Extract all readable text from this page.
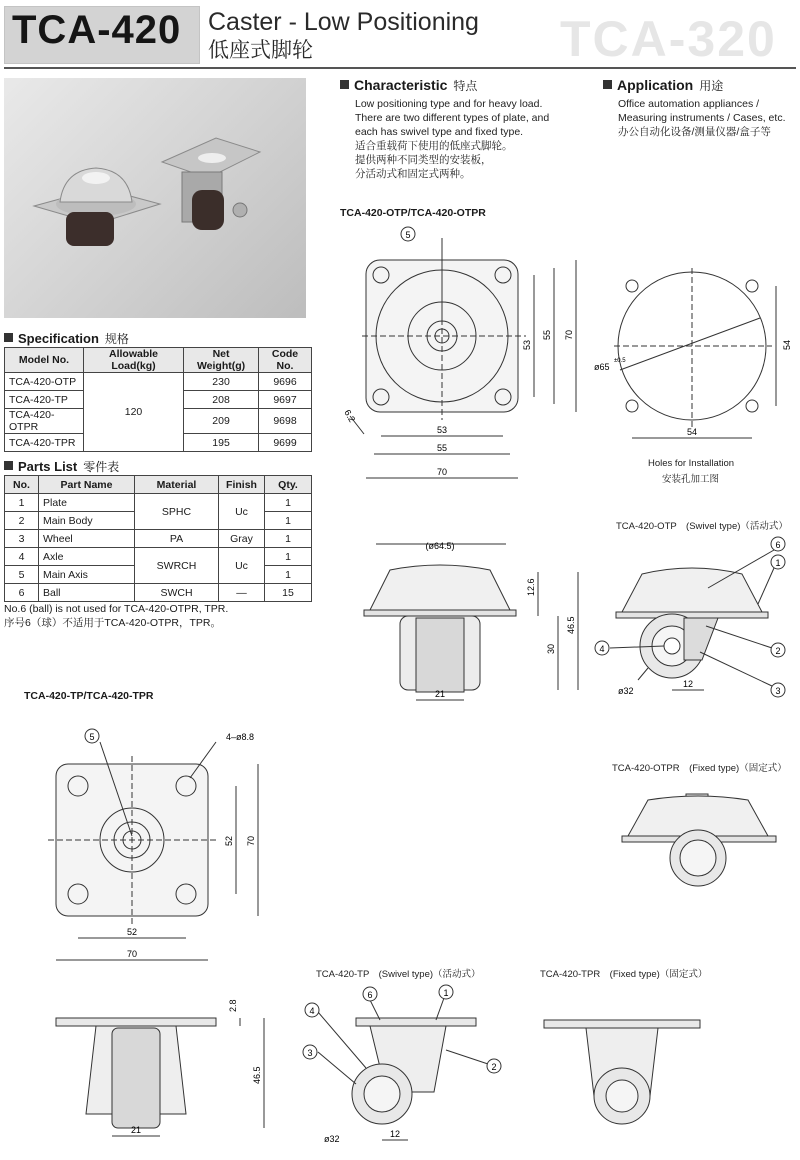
TCA-420 Caster - Low Positioning
低座式脚轮	TCA-320
Characteristic 特点
Low positioning type and for heavy load.
There are two different types of plate, and
each has swivel type and fixed type.
适合重载荷下使用的低座式脚轮。
提供两种不同类型的安装板，
分活动式和固定式两种。
Application 用途
Office automation appliances /
Measuring instruments / Cases, etc.
办公自动化设备/测量仪器/盒子等
Specification 规格
Model No.	Allowable Load(kg)	Net Weight(g)	Code No.
TCA-420-OTP	120	230	9696
TCA-420-TP		208	9697
TCA-420-OTPR		209	9698
TCA-420-TPR		195	9699
Parts List 零件表
No.	Part Name	Material	Finish	Qty.
1	Plate	SPHC	Uc	1
2	Main Body			1
3	Wheel	PA	Gray	1
4	Axle	SWRCH	Uc	1
5	Main Axis			1
6	Ball	SWCH	—	15
No.6 (ball) is not used for TCA-420-OTPR, TPR.
序号6（球）不适用于TCA-420-OTPR，TPR。
TCA-420-OTP/TCA-420-OTPR
TCA-420-TP/TCA-420-TPR
Holes for Installation
安装孔加工图
TCA-420-OTP　(Swivel type)（活动式）
TCA-420-OTPR　(Fixed type)（固定式）
TCA-420-TP　(Swivel type)（活动式）	TCA-420-TPR　(Fixed type)（固定式）
5
53
55
70
53
55 70
6.2
ø65
±0.5
54
54
(ø64.5)
21
12.6
30
46.5
6
1
2
3
4
ø32
12
5	4–ø8.8
52
70
52 70
21
2.8
46.5
6	1
2
4
3
ø32	12
